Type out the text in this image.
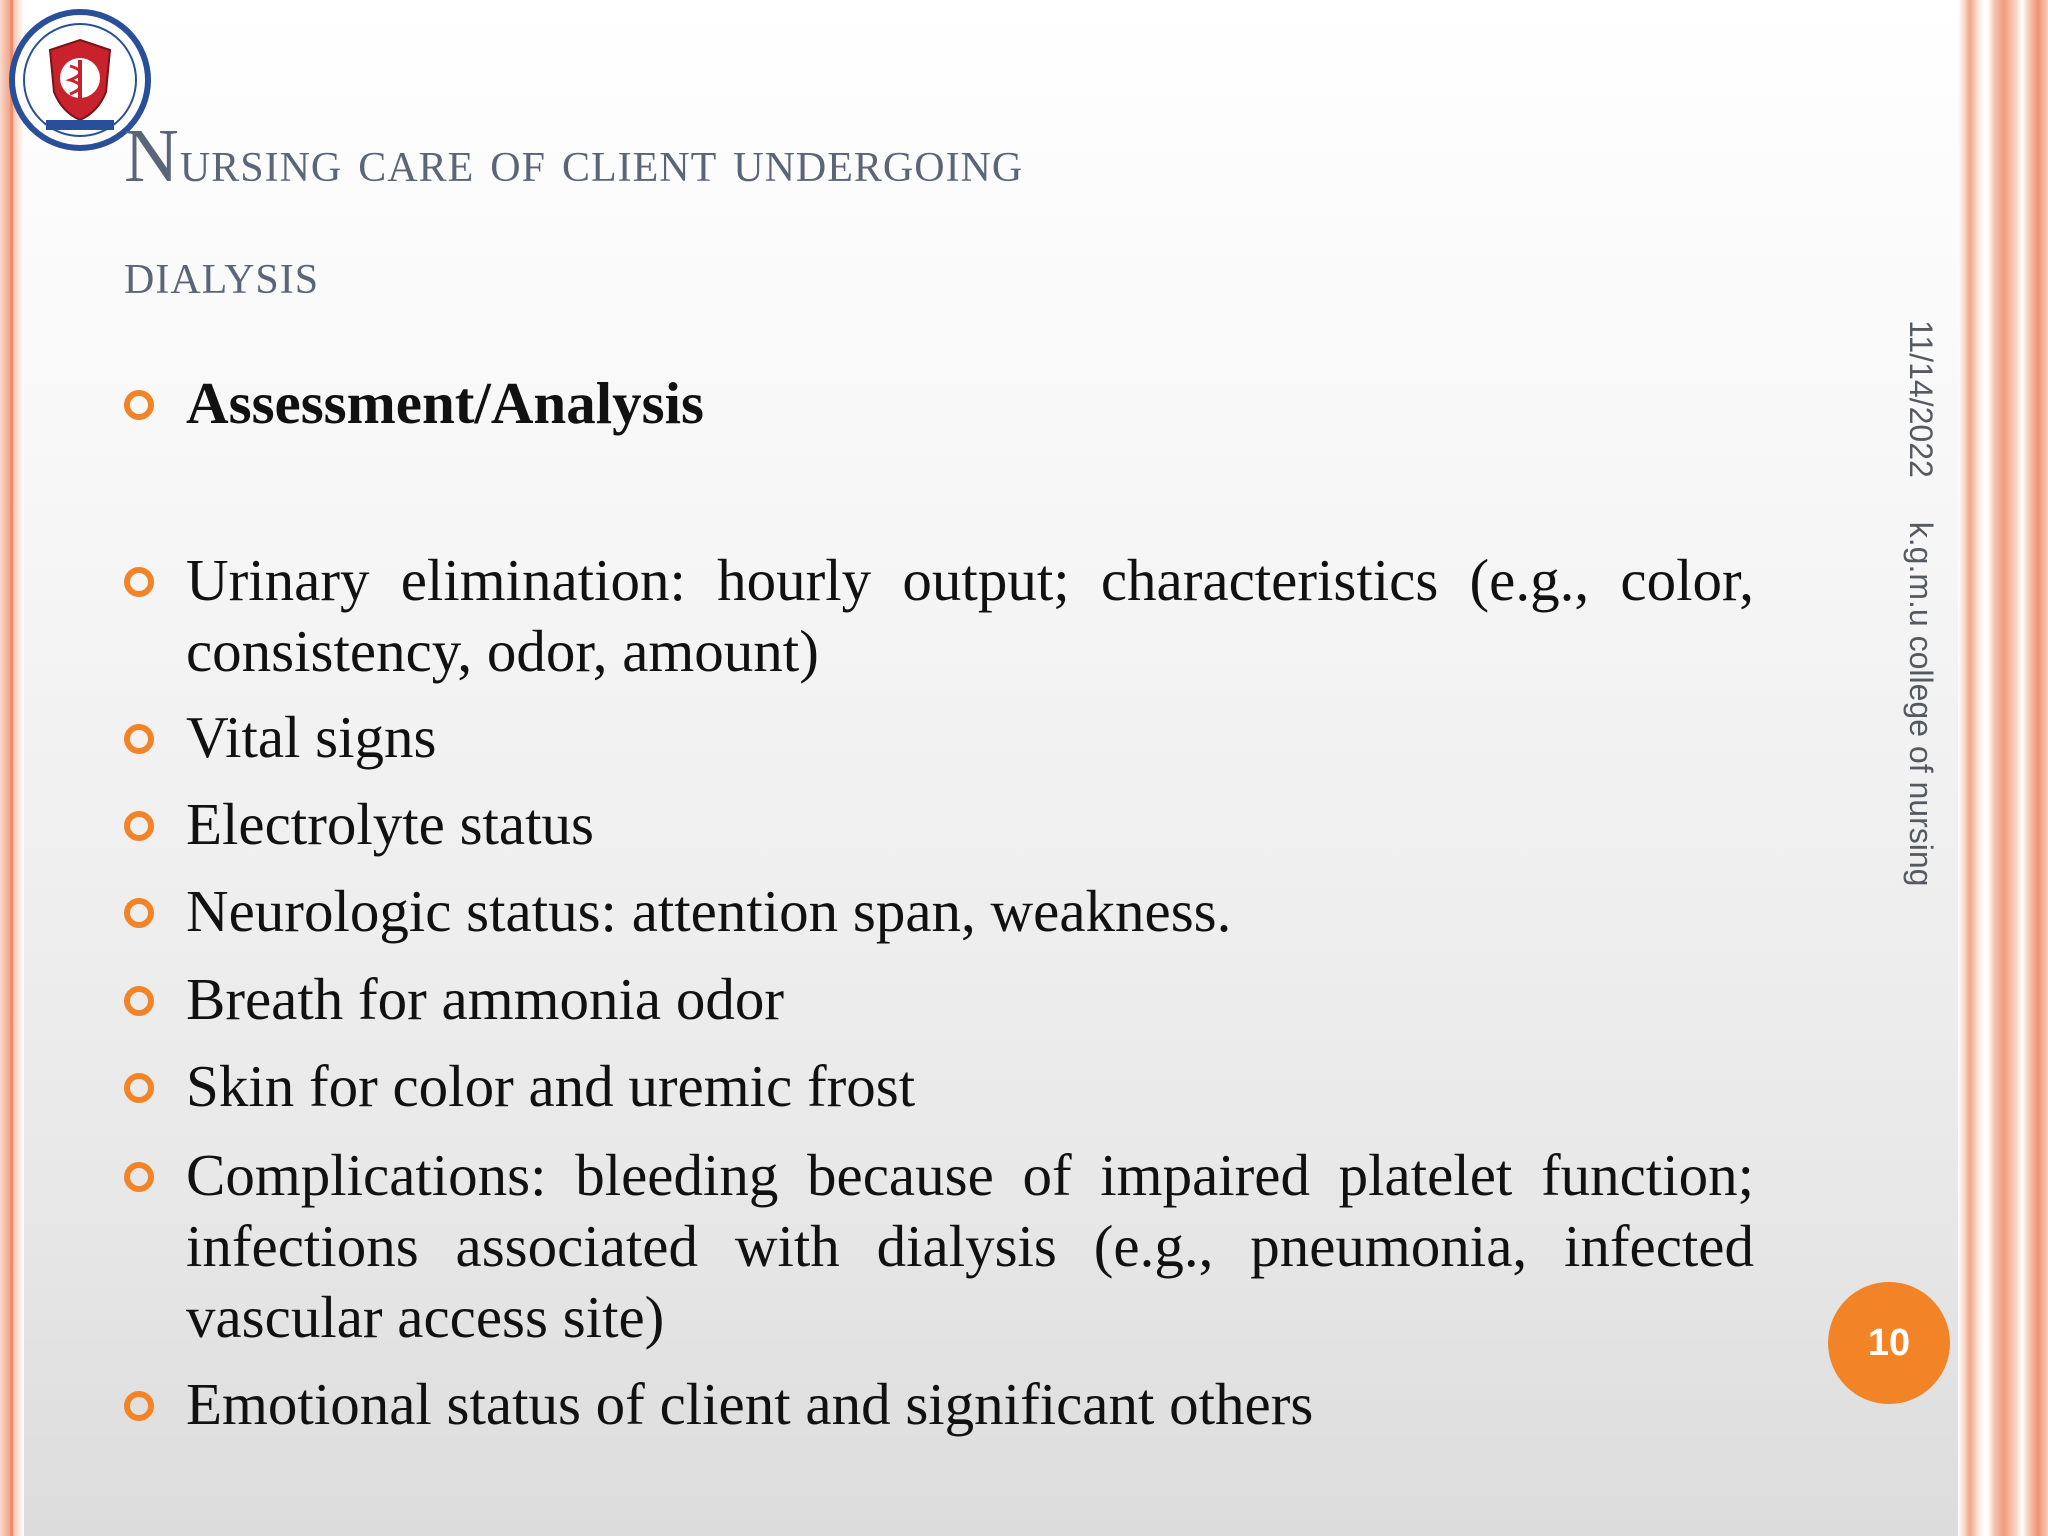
Nursing care of client undergoing
dialysis
11/14/2022k.g.m.u college of nursing
10
Assessment/Analysis
Urinary elimination: hourly output; characteristics (e.g., color, consistency, odor, amount)
Vital signs
Electrolyte status
Neurologic status: attention span, weakness.
Breath for ammonia odor
Skin for color and uremic frost
Complications: bleeding because of impaired platelet function; infections associated with dialysis (e.g., pneumonia, infected vascular access site)
Emotional status of client and significant others
